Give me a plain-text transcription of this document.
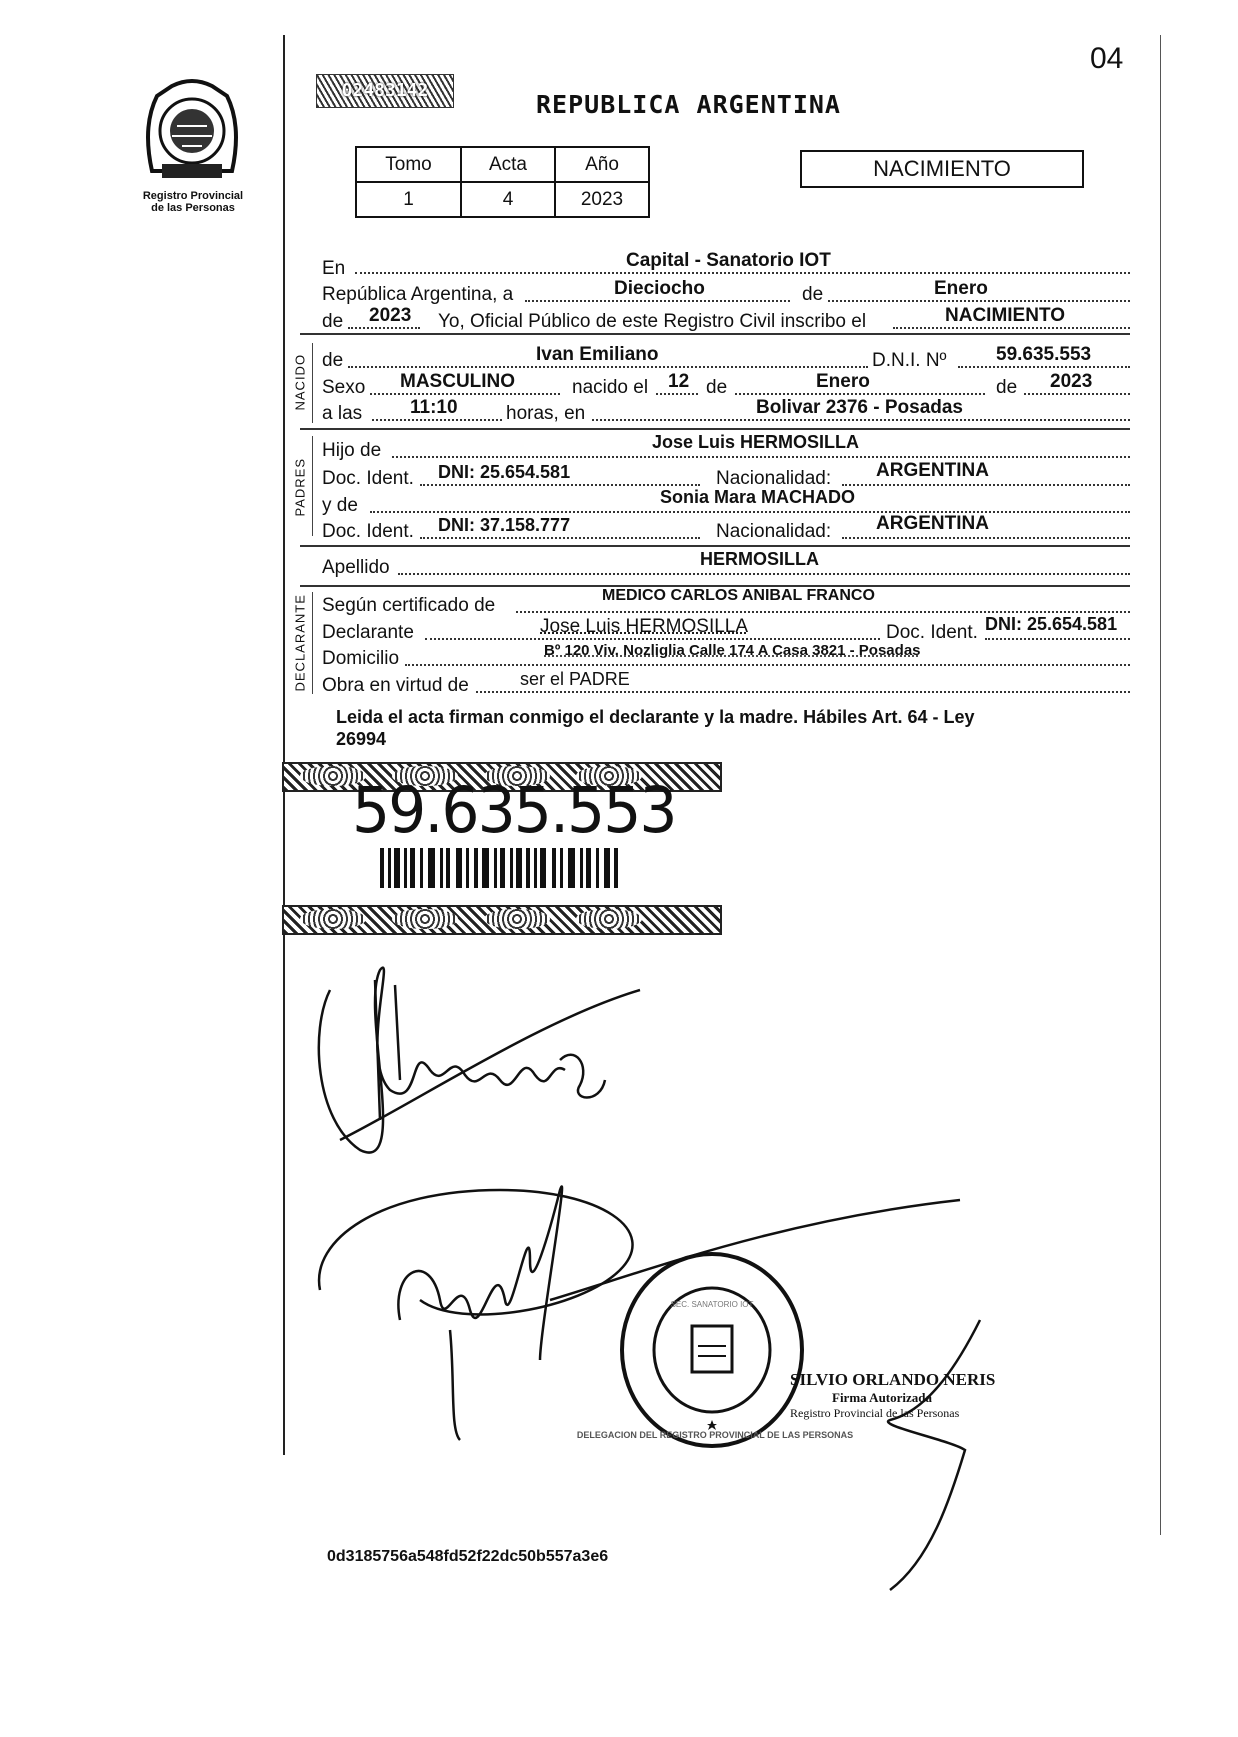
04
Registro Provincial
de las Personas
02483142	REPUBLICA ARGENTINA
Tomo	Acta	Año
1	4	2023
NACIMIENTO
En	Capital - Sanatorio IOT
República Argentina, a	Dieciocho	de	Enero
de 2023 Yo, Oficial Público de este Registro Civil inscribo el	NACIMIENTO
NACIDO de	Ivan Emiliano	D.N.I. Nº	59.635.553
Sexo MASCULINO	nacido el 12 de	Enero	de 2023
a las	11:10	horas, en	Bolivar 2376 - Posadas
PADRES
Hijo de	Jose Luis HERMOSILLA
Doc. Ident. DNI: 25.654.581	Nacionalidad: ARGENTINA
y de	Sonia Mara MACHADO
Doc. Ident. DNI: 37.158.777	Nacionalidad: ARGENTINA
Apellido	HERMOSILLA
DECLARANTE Según certificado de	MEDICO CARLOS ANIBAL FRANCO
Declarante	Jose Luis HERMOSILLA	Doc. Ident. DNI: 25.654.581
Domicilio	Bº 120 Viv. Nozliglia Calle 174 A Casa 3821 - Posadas
Obra en virtud de	ser el PADRE
Leida el acta firman conmigo el declarante y la madre. Hábiles Art. 64 - Ley
26994
59.635.553
DELEGACION DEL REGISTRO PROVINCIAL DE LAS PERSONAS
SEC. SANATORIO IOT
SILVIO ORLANDO NERIS
Firma Autorizada
Registro Provincial de las Personas
0d3185756a548fd52f22dc50b557a3e6
